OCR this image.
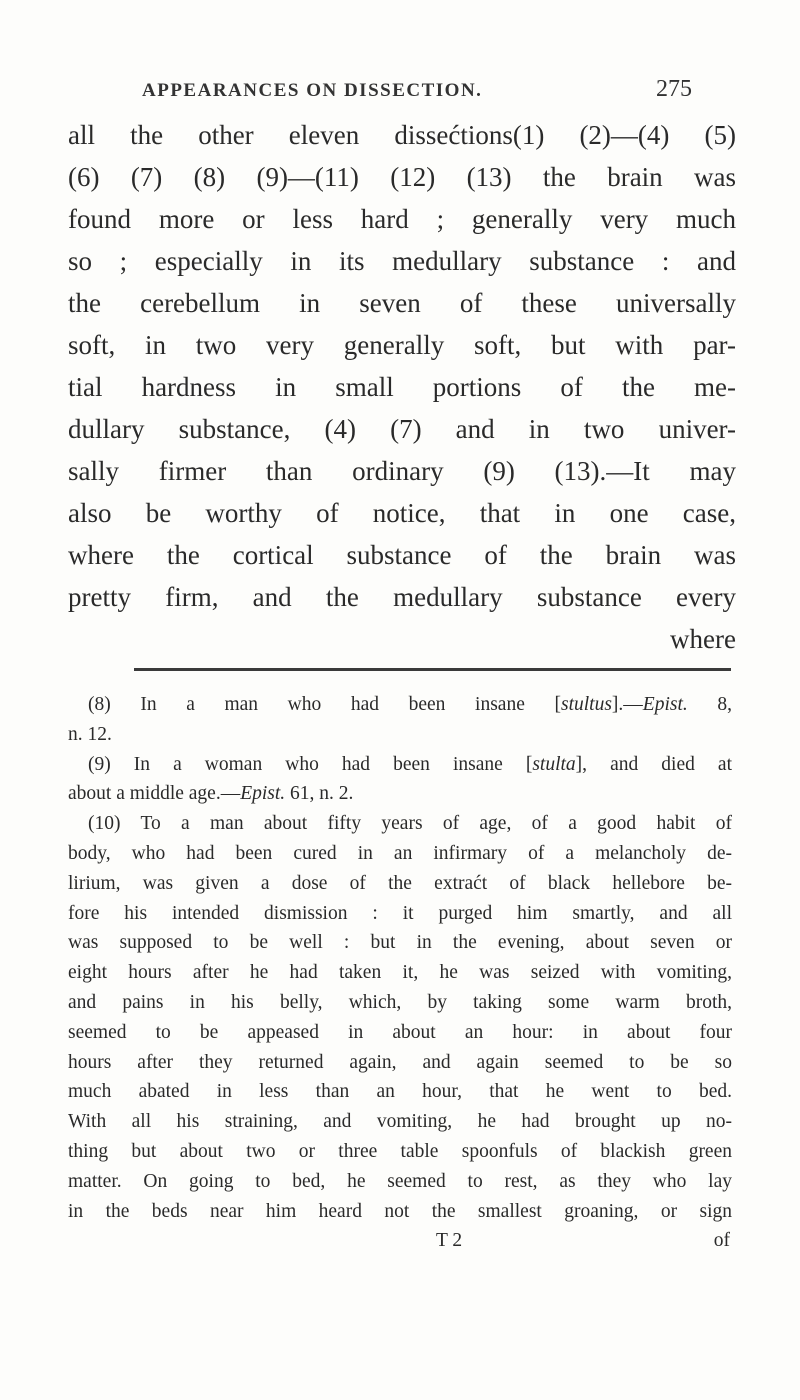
APPEARANCES ON DISSECTION.	275
all the other eleven dissećtions(1) (2)—(4) (5)
(6) (7) (8) (9)—(11) (12) (13) the brain was
found more or less hard ; generally very much
so ; especially in its medullary substance : and
the cerebellum in seven of these universally
soft, in two very generally soft, but with par-
tial hardness in small portions of the me-
dullary substance, (4) (7) and in two univer-
sally firmer than ordinary (9) (13).—It may
also be worthy of notice, that in one case,
where the cortical substance of the brain was
pretty firm, and the medullary substance every
where
(8) In a man who had been insane [stultus].—Epist. 8,
n. 12.
(9) In a woman who had been insane [stulta], and died at
about a middle age.—Epist. 61, n. 2.
(10) To a man about fifty years of age, of a good habit of
body, who had been cured in an infirmary of a melancholy de-
lirium, was given a dose of the extraćt of black hellebore be-
fore his intended dismission : it purged him smartly, and all
was supposed to be well : but in the evening, about seven or
eight hours after he had taken it, he was seized with vomiting,
and pains in his belly, which, by taking some warm broth,
seemed to be appeased in about an hour: in about four
hours after they returned again, and again seemed to be so
much abated in less than an hour, that he went to bed.
With all his straining, and vomiting, he had brought up no-
thing but about two or three table spoonfuls of blackish green
matter. On going to bed, he seemed to rest, as they who lay
in the beds near him heard not the smallest groaning, or sign
T 2	of
